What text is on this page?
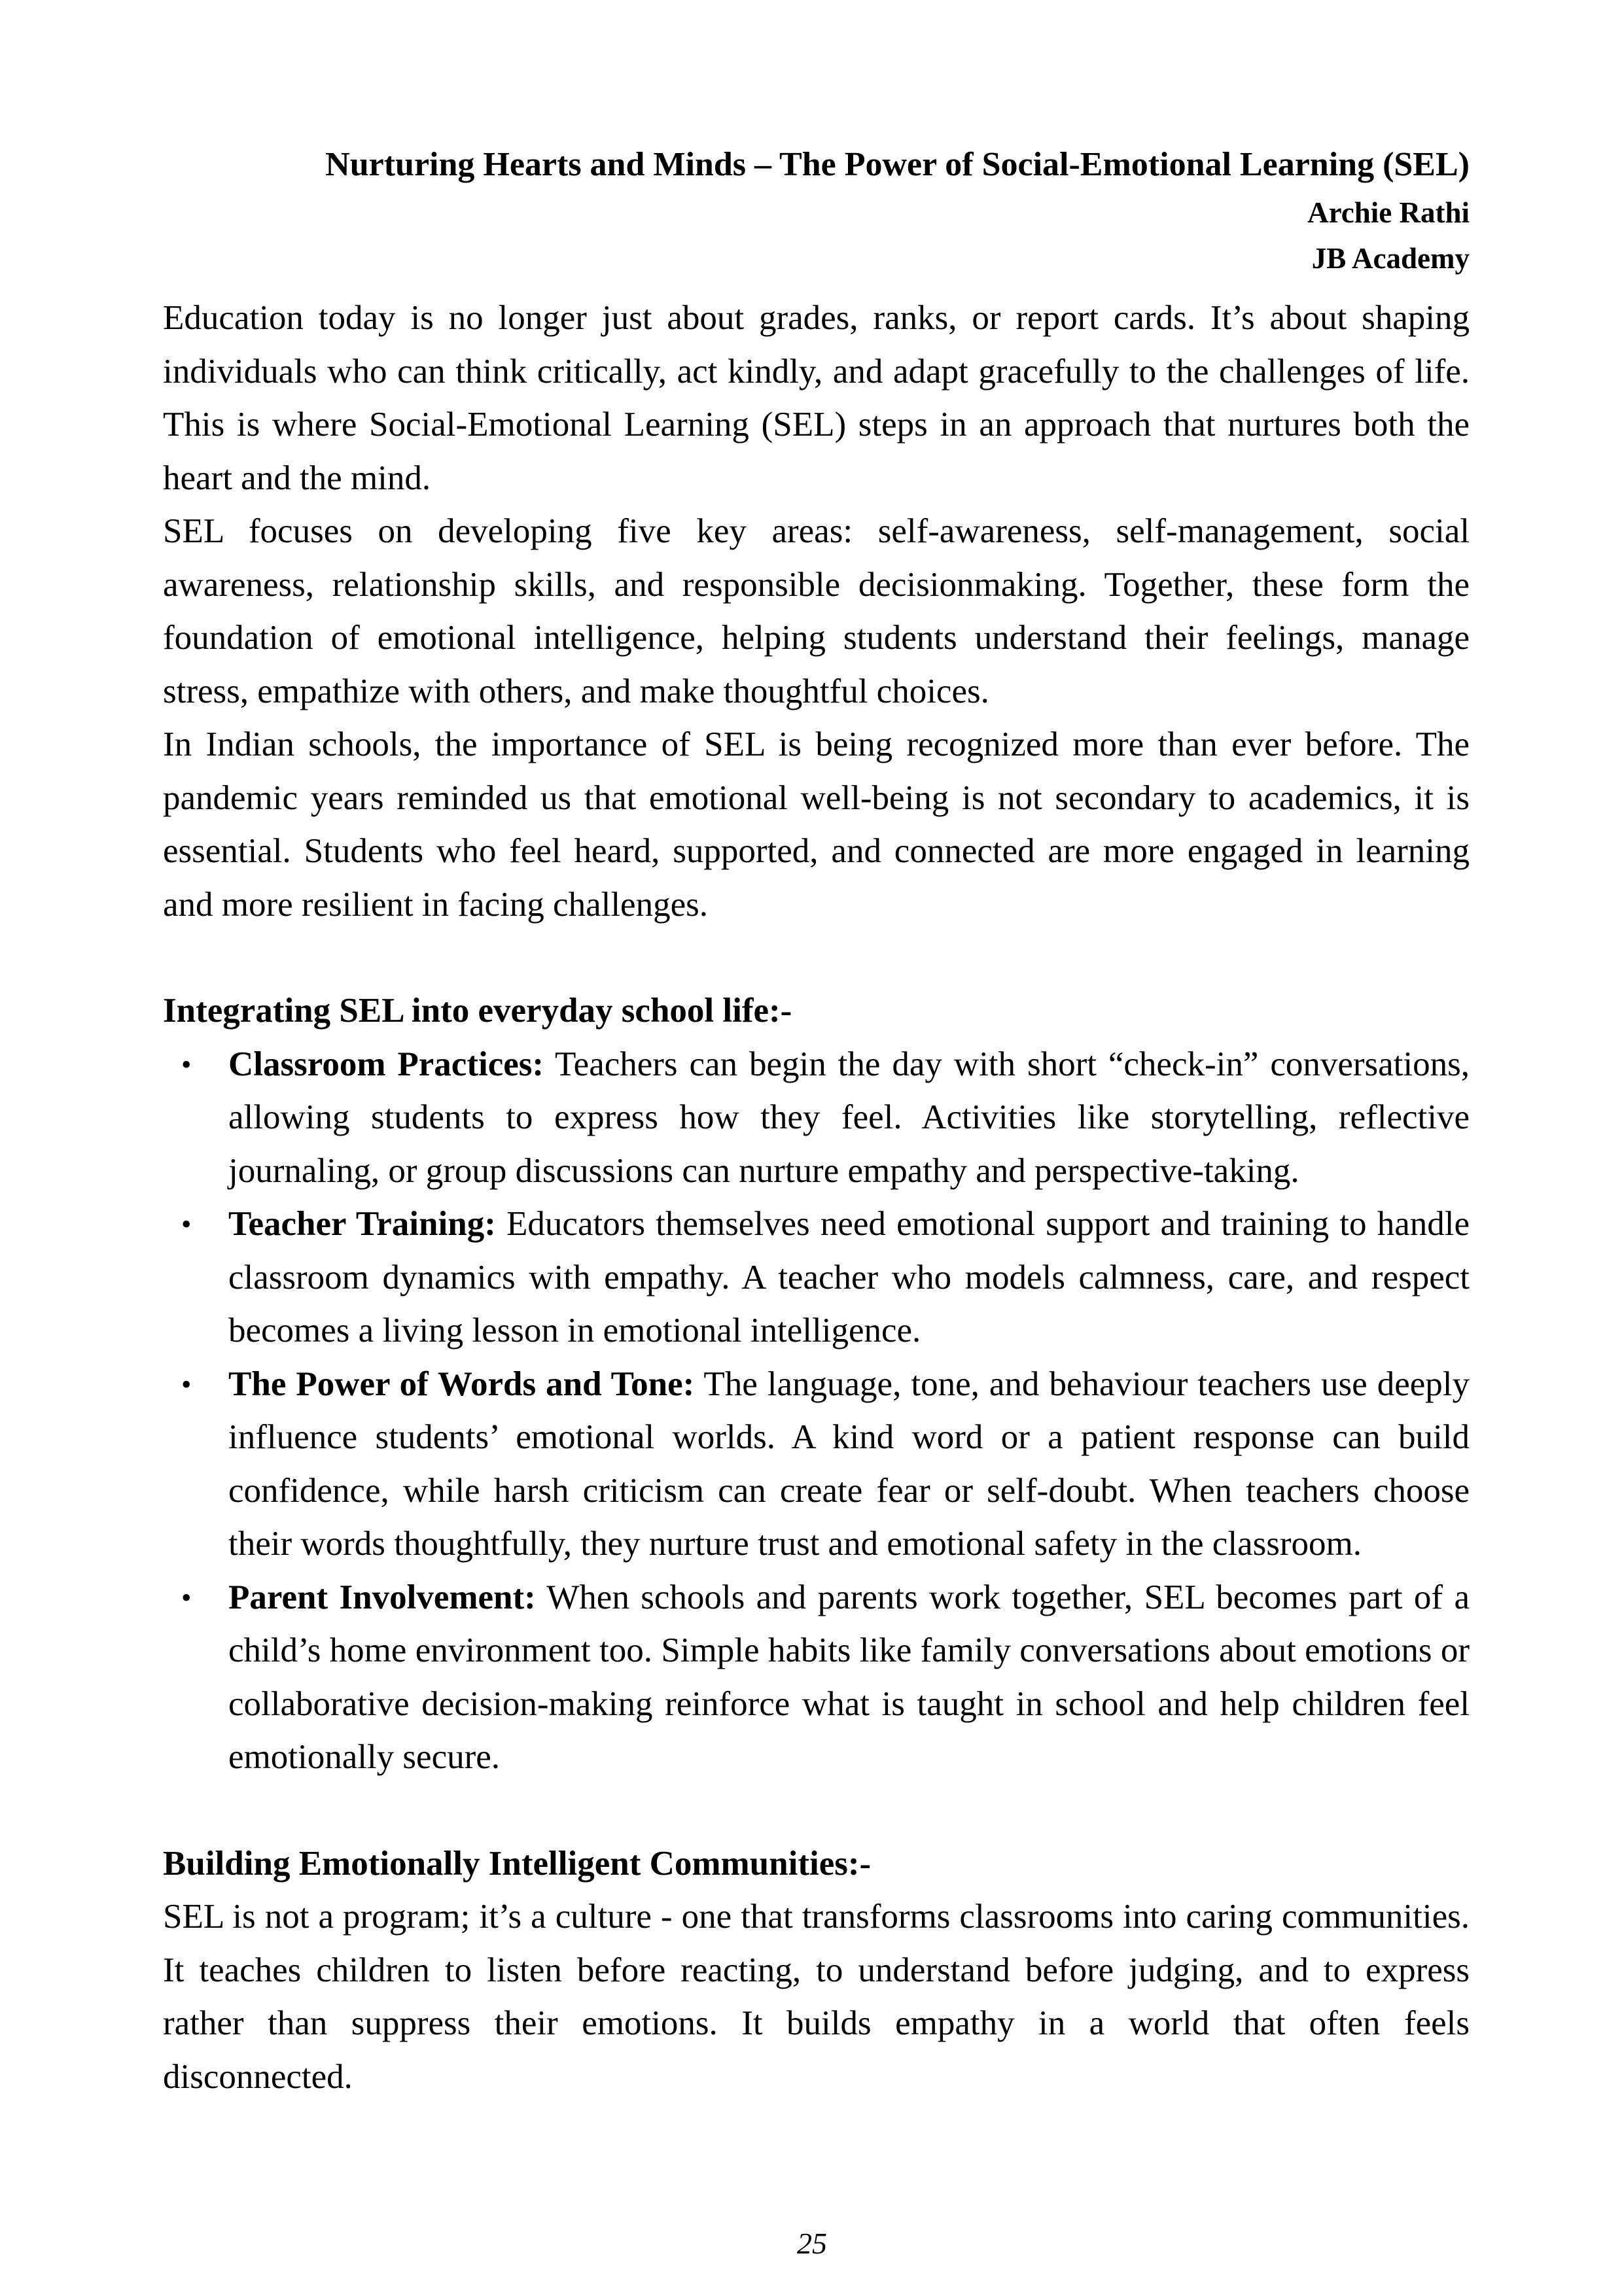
Nurturing Hearts and Minds – The Power of Social-Emotional Learning (SEL)
Archie Rathi
JB Academy

Education today is no longer just about grades, ranks, or report cards. It’s about shaping individuals who can think critically, act kindly, and adapt gracefully to the challenges of life. This is where Social-Emotional Learning (SEL) steps in an approach that nurtures both the heart and the mind.

SEL focuses on developing five key areas: self-awareness, self-management, social awareness, relationship skills, and responsible decisionmaking. Together, these form the foundation of emotional intelligence, helping students understand their feelings, manage stress, empathize with others, and make thoughtful choices.

In Indian schools, the importance of SEL is being recognized more than ever before. The pandemic years reminded us that emotional well-being is not secondary to academics, it is essential. Students who feel heard, supported, and connected are more engaged in learning and more resilient in facing challenges.

Integrating SEL into everyday school life:-
• Classroom Practices: Teachers can begin the day with short “check-in” conversations, allowing students to express how they feel. Activities like storytelling, reflective journaling, or group discussions can nurture empathy and perspective-taking.
• Teacher Training: Educators themselves need emotional support and training to handle classroom dynamics with empathy. A teacher who models calmness, care, and respect becomes a living lesson in emotional intelligence.
• The Power of Words and Tone: The language, tone, and behaviour teachers use deeply influence students’ emotional worlds. A kind word or a patient response can build confidence, while harsh criticism can create fear or self-doubt. When teachers choose their words thoughtfully, they nurture trust and emotional safety in the classroom.
• Parent Involvement: When schools and parents work together, SEL becomes part of a child’s home environment too. Simple habits like family conversations about emotions or collaborative decision-making reinforce what is taught in school and help children feel emotionally secure.
Building Emotionally Intelligent Communities:-

SEL is not a program; it’s a culture - one that transforms classrooms into caring communities. It teaches children to listen before reacting, to understand before judging, and to express rather than suppress their emotions. It builds empathy in a world that often feels disconnected.

25
